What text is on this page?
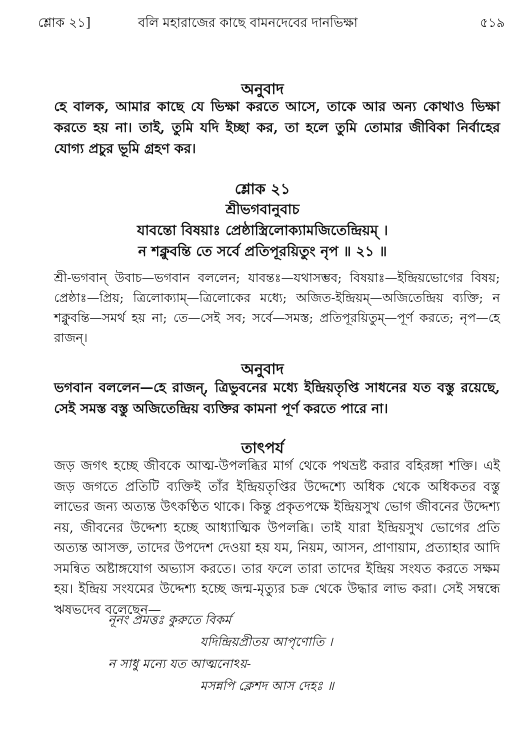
শ্লোক ২১]	বলি মহারাজের কাছে বামনদেবের দানভিক্ষা	৫১৯
অনুবাদ
হে বালক, আমার কাছে যে ভিক্ষা করতে আসে, তাকে আর অন্য কোথাও ভিক্ষা করতে হয় না। তাই, তুমি যদি ইচ্ছা কর, তা হলে তুমি তোমার জীবিকা নির্বাহের যোগ্য প্রচুর ভূমি গ্রহণ কর।
শ্লোক ২১
শ্রীভগবানুবাচ
যাবন্তো বিষয়াঃ প্রেষ্ঠাস্ত্রিলোক্যামজিতেন্দ্রিয়ম্ ।
ন শক্নুবন্তি তে সর্বে প্রতিপূরয়িতুং নৃপ ॥ ২১ ॥
শ্রী-ভগবান্ উবাচ—ভগবান বললেন; যাবন্তঃ—যথাসম্ভব; বিষয়াঃ—ইন্দ্রিয়ভোগের বিষয়; প্রেষ্ঠাঃ—প্রিয়; ত্রিলোক্যাম্—ত্রিলোকের মধ্যে; অজিত-ইন্দ্রিয়ম্—অজিতেন্দ্রিয় ব্যক্তি; ন শক্নুবন্তি—সমর্থ হয় না; তে—সেই সব; সর্বে—সমস্ত; প্রতিপূরয়িতুম্—পূর্ণ করতে; নৃপ—হে রাজন্।
অনুবাদ
ভগবান বললেন—হে রাজন্, ত্রিভুবনের মধ্যে ইন্দ্রিয়তৃপ্তি সাধনের যত বস্তু রয়েছে, সেই সমস্ত বস্তু অজিতেন্দ্রিয় ব্যক্তির কামনা পূর্ণ করতে পারে না।
তাৎপর্য
জড় জগৎ হচ্ছে জীবকে আত্ম-উপলব্ধির মার্গ থেকে পথভ্রষ্ট করার বহিরঙ্গা শক্তি। এই জড় জগতে প্রতিটি ব্যক্তিই তাঁর ইন্দ্রিয়তৃপ্তির উদ্দেশ্যে অধিক থেকে অধিকতর বস্তু লাভের জন্য অত্যন্ত উৎকণ্ঠিত থাকে। কিন্তু প্রকৃতপক্ষে ইন্দ্রিয়সুখ ভোগ জীবনের উদ্দেশ্য নয়, জীবনের উদ্দেশ্য হচ্ছে আধ্যাত্মিক উপলব্ধি। তাই যারা ইন্দ্রিয়সুখ ভোগের প্রতি অত্যন্ত আসক্ত, তাদের উপদেশ দেওয়া হয় যম, নিয়ম, আসন, প্রাণায়াম, প্রত্যাহার আদি সমন্বিত অষ্টাঙ্গযোগ অভ্যাস করতে। তার ফলে তারা তাদের ইন্দ্রিয় সংযত করতে সক্ষম হয়। ইন্দ্রিয় সংযমের উদ্দেশ্য হচ্ছে জন্ম-মৃত্যুর চক্র থেকে উদ্ধার লাভ করা। সেই সম্বন্ধে ঋষভদেব বলেছেন—
নূনং প্রমত্তঃ কুরুতে বিকর্ম
যদিন্দ্রিয়প্রীতয় আপৃণোতি ।
ন সাধু মন্যে যত আত্মনোঽয়-
মসন্নপি ক্লেশদ আস দেহঃ ॥
